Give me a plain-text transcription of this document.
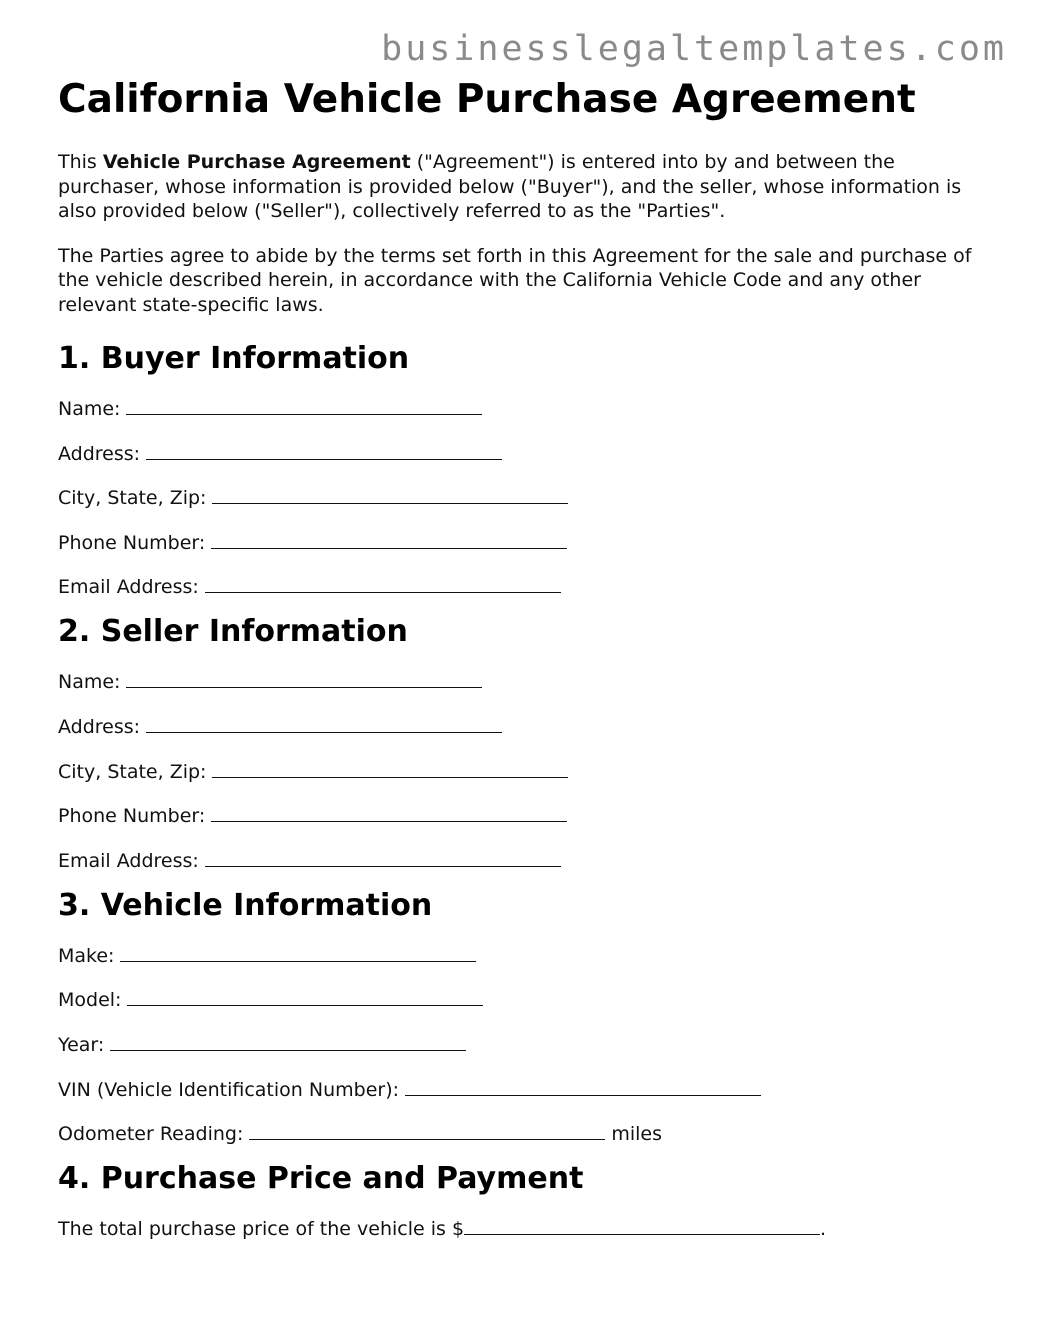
businesslegaltemplates.com
California Vehicle Purchase Agreement

This Vehicle Purchase Agreement ("Agreement") is entered into by and between the purchaser, whose information is provided below ("Buyer"), and the seller, whose information is also provided below ("Seller"), collectively referred to as the "Parties".

The Parties agree to abide by the terms set forth in this Agreement for the sale and purchase of the vehicle described herein, in accordance with the California Vehicle Code and any other relevant state-specific laws.

1. Buyer Information
Name:
Address:
City, State, Zip:
Phone Number:
Email Address:
2. Seller Information
Name:
Address:
City, State, Zip:
Phone Number:
Email Address:
3. Vehicle Information
Make:
Model:
Year:
VIN (Vehicle Identification Number):
Odometer Reading:	miles
4. Purchase Price and Payment
The total purchase price of the vehicle is $	.
